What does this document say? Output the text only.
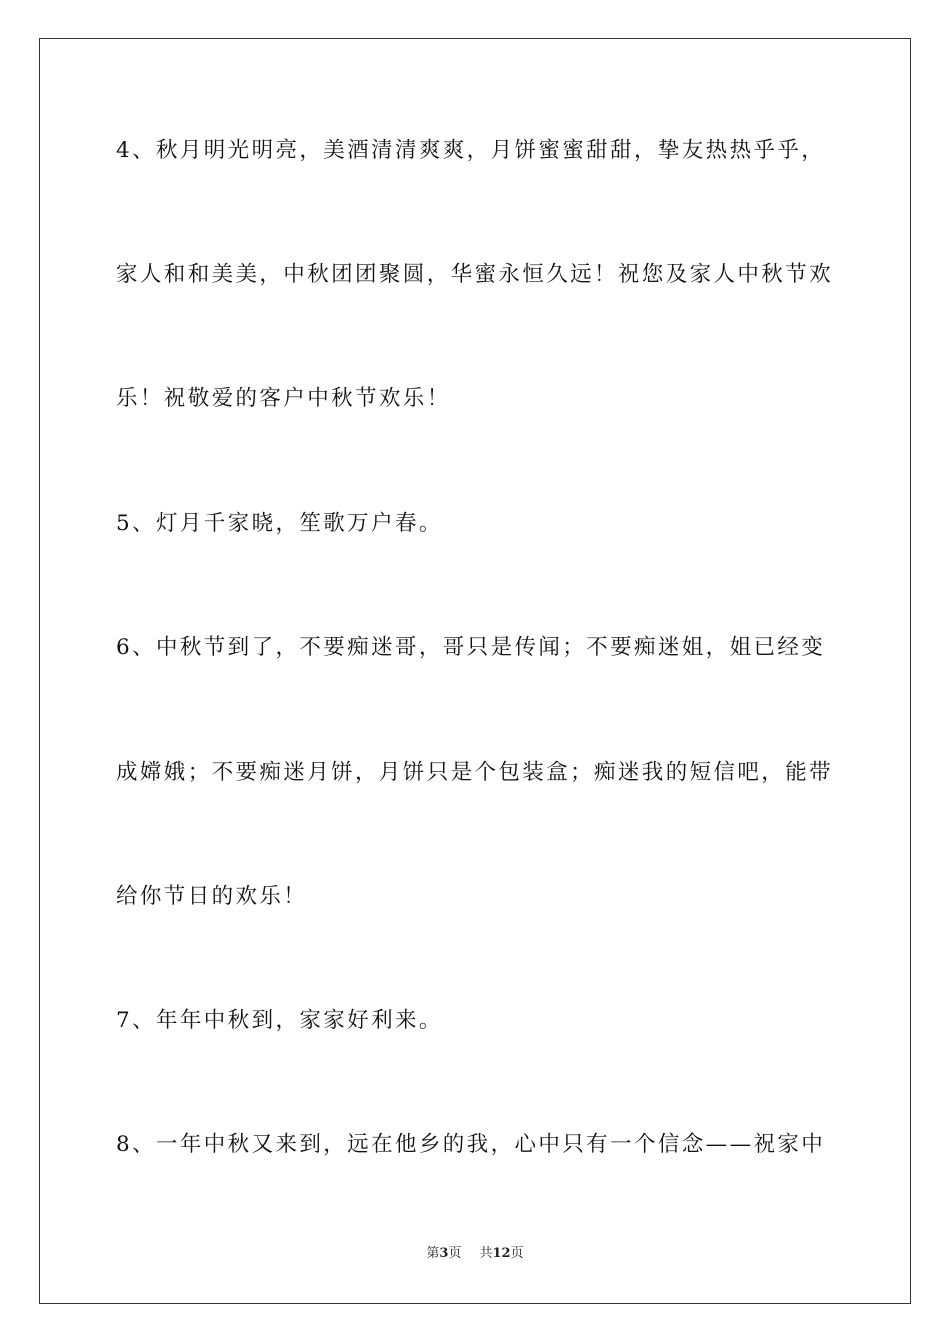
4、秋月明光明亮，美酒清清爽爽，月饼蜜蜜甜甜，挚友热热乎乎，
家人和和美美，中秋团团聚圆，华蜜永恒久远！祝您及家人中秋节欢
乐！祝敬爱的客户中秋节欢乐！
5、灯月千家晓，笙歌万户春。
6、中秋节到了，不要痴迷哥，哥只是传闻；不要痴迷姐，姐已经变
成嫦娥；不要痴迷月饼，月饼只是个包装盒；痴迷我的短信吧，能带
给你节日的欢乐！
7、年年中秋到，家家好利来。
8、一年中秋又来到，远在他乡的我，心中只有一个信念——祝家中
第3页 共12页
